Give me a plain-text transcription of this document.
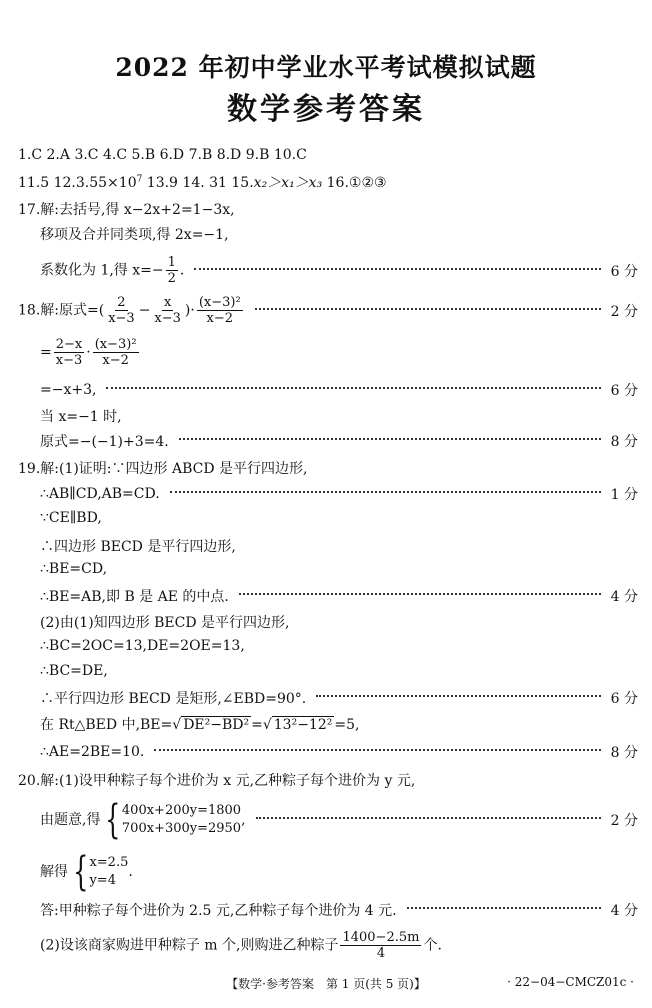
2022 年初中学业水平考试模拟试题
数学参考答案
1.C 2.A 3.C 4.C 5.B 6.D 7.B 8.D 9.B 10.C
11.5 $12.3.55\times 10^7$ 13.9 14. 31 15.x₂＞x₁＞x₃ 16.①②③
17.解:去括号,得 x−2x+2=1−3x,
移项及合并同类项,得 2x=−1,
系数化为 1,得 $x=- \frac{1}{2}$ .	6 分
18.解:原式=( $\frac{2}{x-3} - \frac{x}{x-3}$ )· $\frac{\text{(x−3)²}}{x-2}$	2 分
= $\frac{2-x}{x-3} \cdot \frac{\text{(x−3)²}}{x-2}$
=−x+3,	6 分
当 x=−1 时,
原式=−(−1)+3=4.	8 分
19.解:(1)证明:∵四边形 ABCD 是平行四边形,
∴AB∥CD,AB=CD.	1 分
∵CE∥BD,
∴四边形 BECD 是平行四边形,
∴BE=CD,
∴BE=AB,即 B 是 AE 的中点.	4 分
(2)由(1)知四边形 BECD 是平行四边形,
∴BC=2OC=13,DE=2OE=13,
∴BC=DE,
∴平行四边形 BECD 是矩形,∠EBD=90°.	6 分
在 Rt△BED 中,BE=√ DE²−BD² =√ 13²−12² =5,
∴AE=2BE=10.	8 分
20.解:(1)设甲种粽子每个进价为 x 元,乙种粽子每个进价为 y 元,
由题意,得 { 400x+200y=1800
700x+300y=2950
,	2 分
解得 { x=2.5
y=4
.
答:甲种粽子每个进价为 2.5 元,乙种粽子每个进价为 4 元.	4 分
(2)设该商家购进甲种粽子 m 个,则购进乙种粽子 $\frac{1400-2.5m}{4}$ 个.
【数学·参考答案　第 1 页(共 5 页)】	· 22−04−CMCZ01c ·
